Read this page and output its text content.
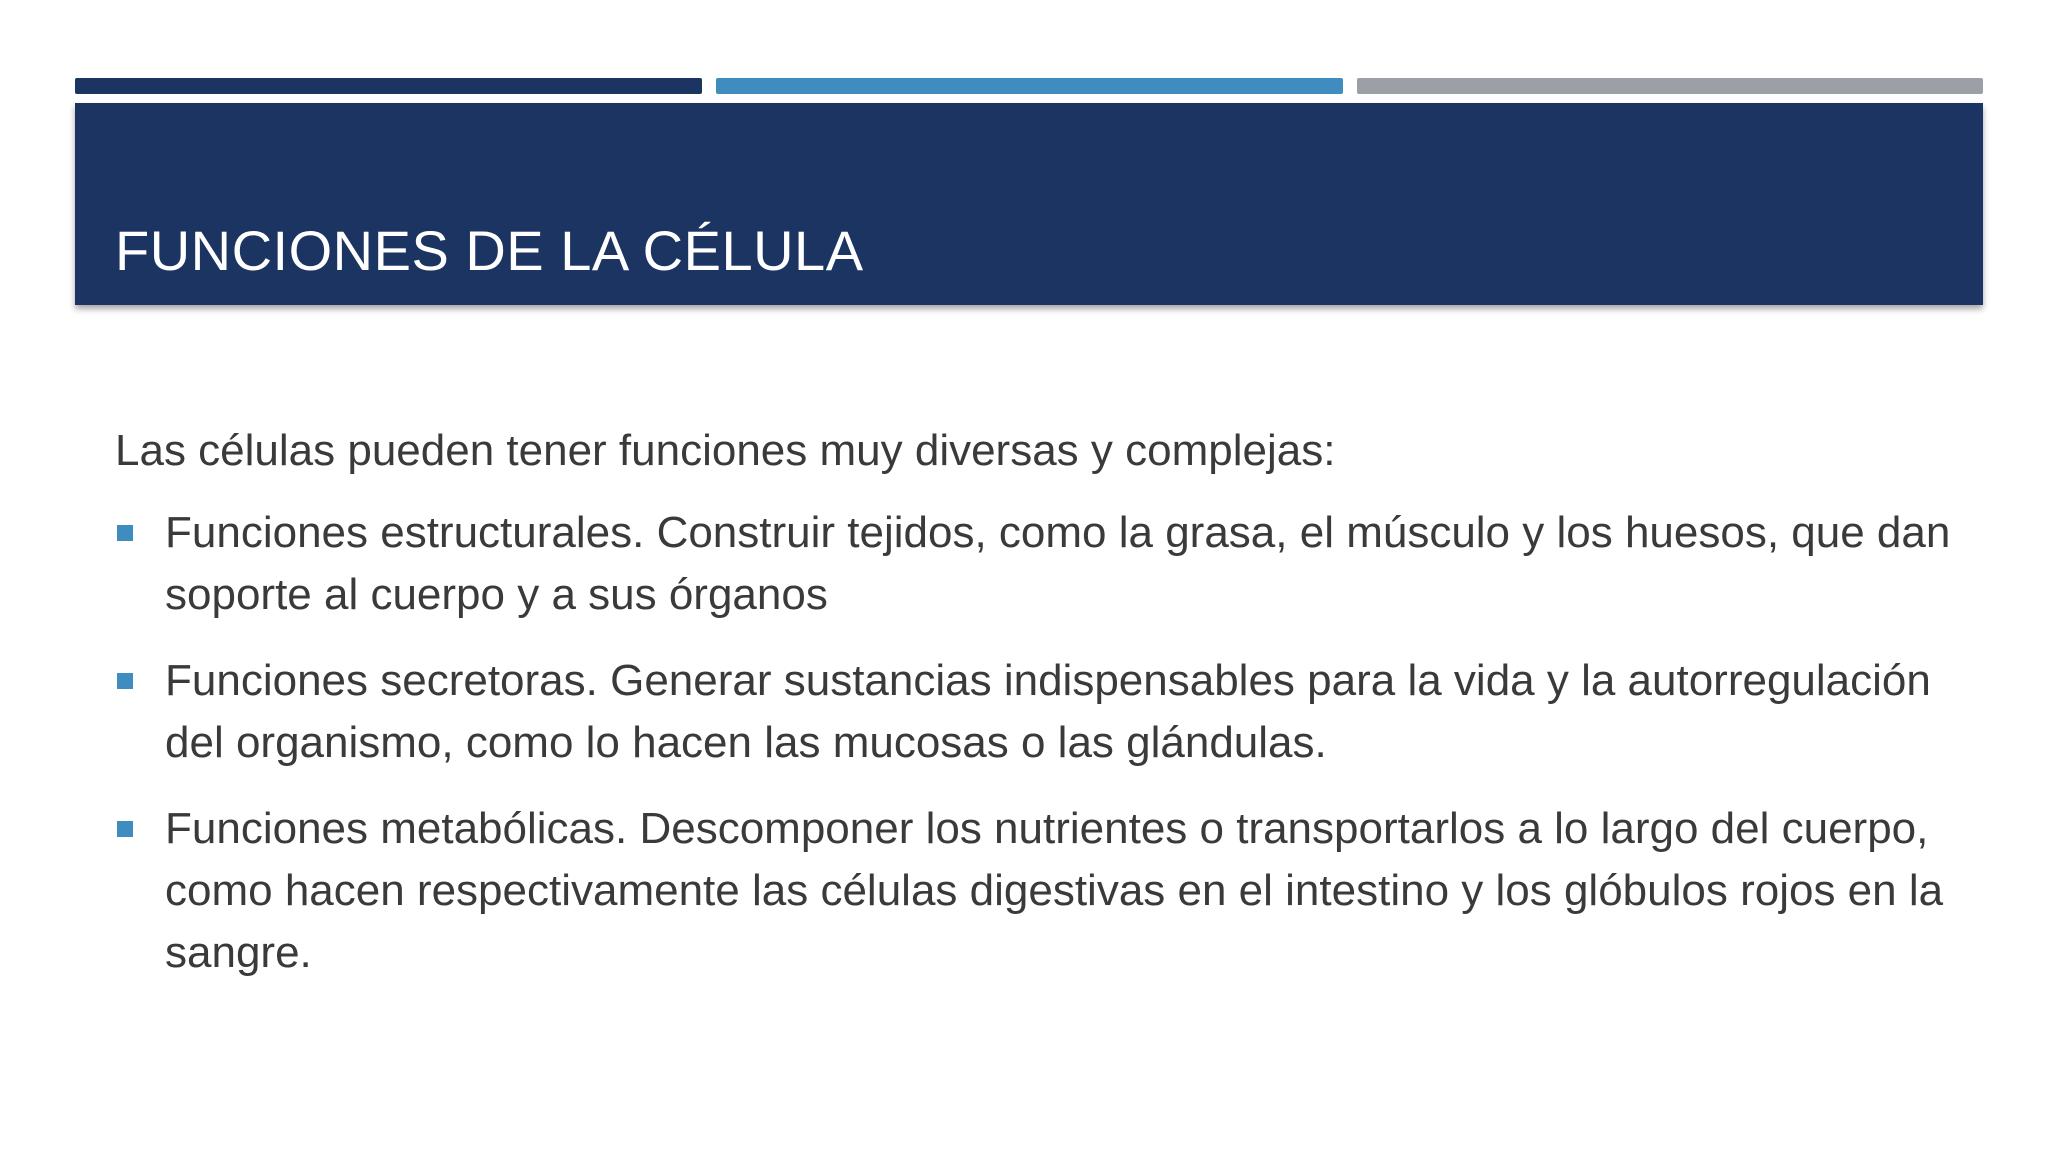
FUNCIONES DE LA CÉLULA

Las células pueden tener funciones muy diversas y complejas:

Funciones estructurales. Construir tejidos, como la grasa, el músculo y los huesos, que dan soporte al cuerpo y a sus órganos
Funciones secretoras. Generar sustancias indispensables para la vida y la autorregulación del organismo, como lo hacen las mucosas o las glándulas.
Funciones metabólicas. Descomponer los nutrientes o transportarlos a lo largo del cuerpo, como hacen respectivamente las células digestivas en el intestino y los glóbulos rojos en la sangre.
